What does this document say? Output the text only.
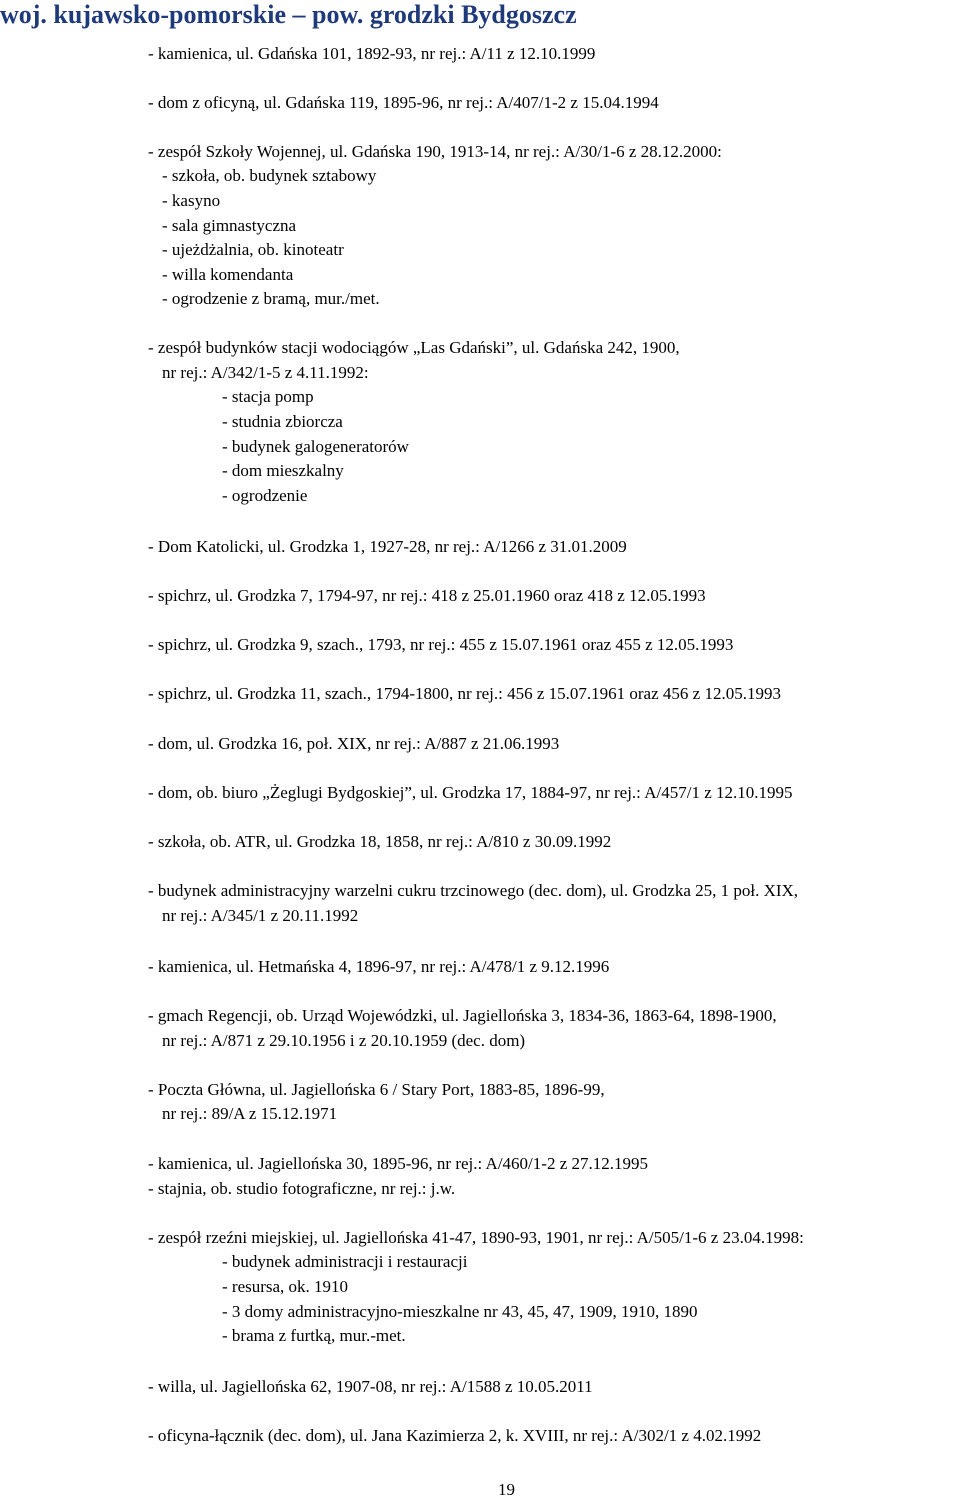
woj. kujawsko-pomorskie – pow. grodzki Bydgoszcz
- kamienica, ul. Gdańska 101, 1892-93, nr rej.: A/11 z 12.10.1999
- dom z oficyną, ul. Gdańska 119, 1895-96, nr rej.: A/407/1-2 z 15.04.1994
- zespół Szkoły Wojennej, ul. Gdańska 190, 1913-14, nr rej.: A/30/1-6 z 28.12.2000:
- szkoła, ob. budynek sztabowy
- kasyno
- sala gimnastyczna
- ujeżdżalnia, ob. kinoteatr
- willa komendanta
- ogrodzenie z bramą, mur./met.
- zespół budynków stacji wodociągów „Las Gdański”, ul. Gdańska 242, 1900,
nr rej.: A/342/1-5 z 4.11.1992:
- stacja pomp
- studnia zbiorcza
- budynek galogeneratorów
- dom mieszkalny
- ogrodzenie
- Dom Katolicki, ul. Grodzka 1, 1927-28, nr rej.: A/1266 z 31.01.2009
- spichrz, ul. Grodzka 7, 1794-97, nr rej.: 418 z 25.01.1960 oraz 418 z 12.05.1993
- spichrz, ul. Grodzka 9, szach., 1793, nr rej.: 455 z 15.07.1961 oraz 455 z 12.05.1993
- spichrz, ul. Grodzka 11, szach., 1794-1800, nr rej.: 456 z 15.07.1961 oraz 456 z 12.05.1993
- dom, ul. Grodzka 16, poł. XIX, nr rej.: A/887 z 21.06.1993
- dom, ob. biuro „Żeglugi Bydgoskiej”, ul. Grodzka 17, 1884-97, nr rej.: A/457/1 z 12.10.1995
- szkoła, ob. ATR, ul. Grodzka 18, 1858, nr rej.: A/810 z 30.09.1992
- budynek administracyjny warzelni cukru trzcinowego (dec. dom), ul. Grodzka 25, 1 poł. XIX,
nr rej.: A/345/1 z 20.11.1992
- kamienica, ul. Hetmańska 4, 1896-97, nr rej.: A/478/1 z 9.12.1996
- gmach Regencji, ob. Urząd Wojewódzki, ul. Jagiellońska 3, 1834-36, 1863-64, 1898-1900,
nr rej.: A/871 z 29.10.1956 i z 20.10.1959 (dec. dom)
- Poczta Główna, ul. Jagiellońska 6 / Stary Port, 1883-85, 1896-99,
nr rej.: 89/A z 15.12.1971
- kamienica, ul. Jagiellońska 30, 1895-96, nr rej.: A/460/1-2 z 27.12.1995
- stajnia, ob. studio fotograficzne, nr rej.: j.w.
- zespół rzeźni miejskiej, ul. Jagiellońska 41-47, 1890-93, 1901, nr rej.: A/505/1-6 z 23.04.1998:
- budynek administracji i restauracji
- resursa, ok. 1910
- 3 domy administracyjno-mieszkalne nr 43, 45, 47, 1909, 1910, 1890
- brama z furtką, mur.-met.
- willa, ul. Jagiellońska 62, 1907-08, nr rej.: A/1588 z 10.05.2011
- oficyna-łącznik (dec. dom), ul. Jana Kazimierza 2, k. XVIII, nr rej.: A/302/1 z 4.02.1992
19
